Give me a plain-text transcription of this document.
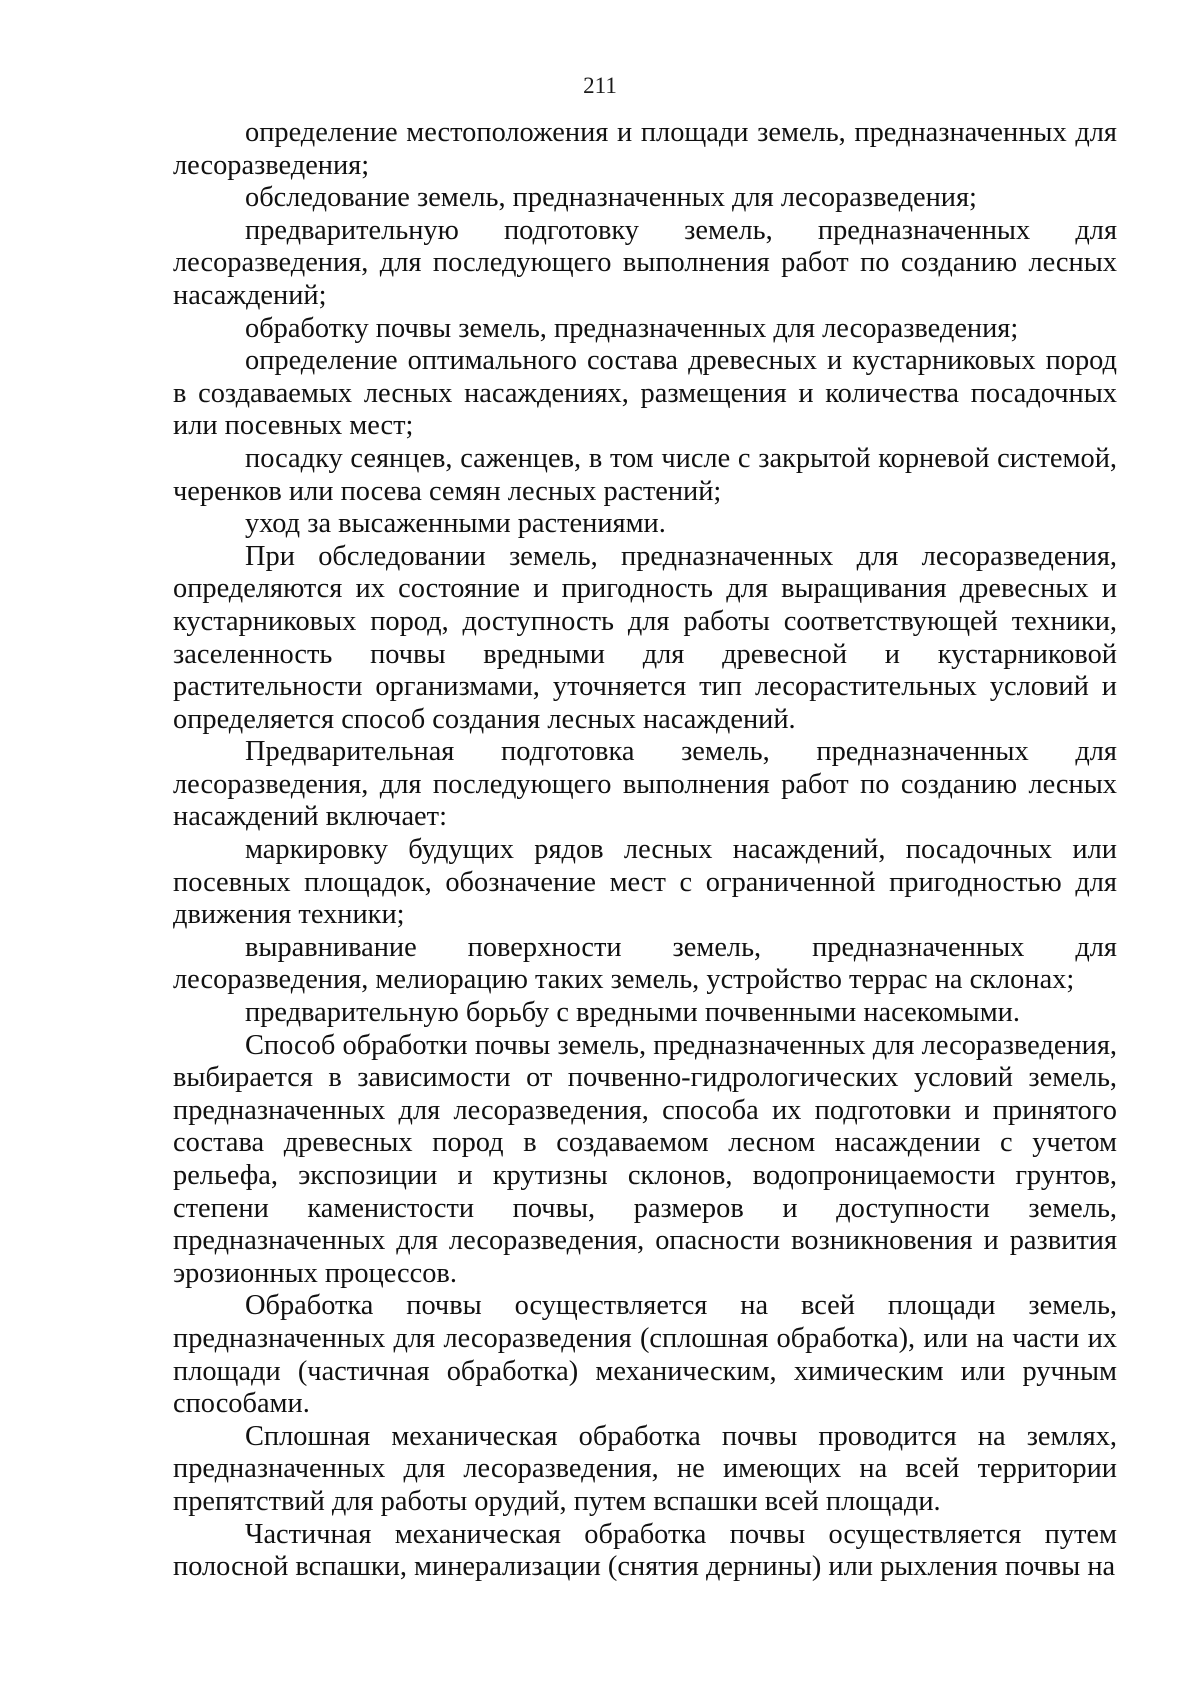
211

определение местоположения и площади земель, предназначенных для лесоразведения;

обследование земель, предназначенных для лесоразведения;

предварительную подготовку земель, предназначенных для лесоразведения, для последующего выполнения работ по созданию лесных насаждений;

обработку почвы земель, предназначенных для лесоразведения;

определение оптимального состава древесных и кустарниковых пород в создаваемых лесных насаждениях, размещения и количества посадочных или посевных мест;

посадку сеянцев, саженцев, в том числе с закрытой корневой системой, черенков или посева семян лесных растений;

уход за высаженными растениями.

При обследовании земель, предназначенных для лесоразведения, определяются их состояние и пригодность для выращивания древесных и кустарниковых пород, доступность для работы соответствующей техники, заселенность почвы вредными для древесной и кустарниковой растительности организмами, уточняется тип лесорастительных условий и определяется способ создания лесных насаждений.

Предварительная подготовка земель, предназначенных для лесоразведения, для последующего выполнения работ по созданию лесных насаждений включает:

маркировку будущих рядов лесных насаждений, посадочных или посевных площадок, обозначение мест с ограниченной пригодностью для движения техники;

выравнивание поверхности земель, предназначенных для лесоразведения, мелиорацию таких земель, устройство террас на склонах;

предварительную борьбу с вредными почвенными насекомыми.

Способ обработки почвы земель, предназначенных для лесоразведения, выбирается в зависимости от почвенно-гидрологических условий земель, предназначенных для лесоразведения, способа их подготовки и принятого состава древесных пород в создаваемом лесном насаждении с учетом рельефа, экспозиции и крутизны склонов, водопроницаемости грунтов, степени каменистости почвы, размеров и доступности земель, предназначенных для лесоразведения, опасности возникновения и развития эрозионных процессов.

Обработка почвы осуществляется на всей площади земель, предназначенных для лесоразведения (сплошная обработка), или на части их площади (частичная обработка) механическим, химическим или ручным способами.

Сплошная механическая обработка почвы проводится на землях, предназначенных для лесоразведения, не имеющих на всей территории препятствий для работы орудий, путем вспашки всей площади.

Частичная механическая обработка почвы осуществляется путем полосной вспашки, минерализации (снятия дернины) или рыхления почвы на
